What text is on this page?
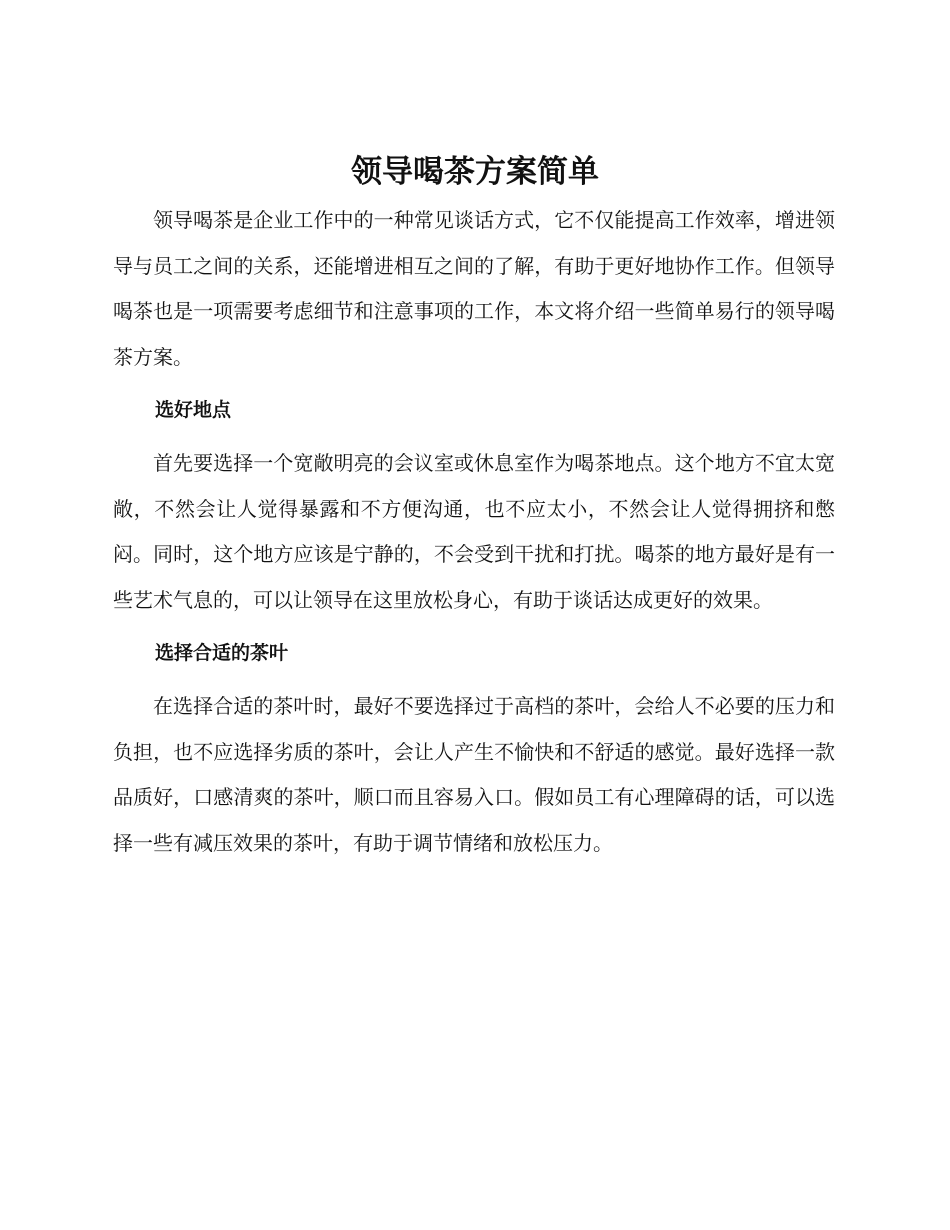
领导喝茶方案简单

领导喝茶是企业工作中的一种常见谈话方式，它不仅能提高工作效率，增进领导与员工之间的关系，还能增进相互之间的了解，有助于更好地协作工作。但领导喝茶也是一项需要考虑细节和注意事项的工作，本文将介绍一些简单易行的领导喝茶方案。

选好地点

首先要选择一个宽敞明亮的会议室或休息室作为喝茶地点。这个地方不宜太宽敞，不然会让人觉得暴露和不方便沟通，也不应太小，不然会让人觉得拥挤和憋闷。同时，这个地方应该是宁静的，不会受到干扰和打扰。喝茶的地方最好是有一些艺术气息的，可以让领导在这里放松身心，有助于谈话达成更好的效果。

选择合适的茶叶

在选择合适的茶叶时，最好不要选择过于高档的茶叶，会给人不必要的压力和负担，也不应选择劣质的茶叶，会让人产生不愉快和不舒适的感觉。最好选择一款品质好，口感清爽的茶叶，顺口而且容易入口。假如员工有心理障碍的话，可以选择一些有减压效果的茶叶，有助于调节情绪和放松压力。
